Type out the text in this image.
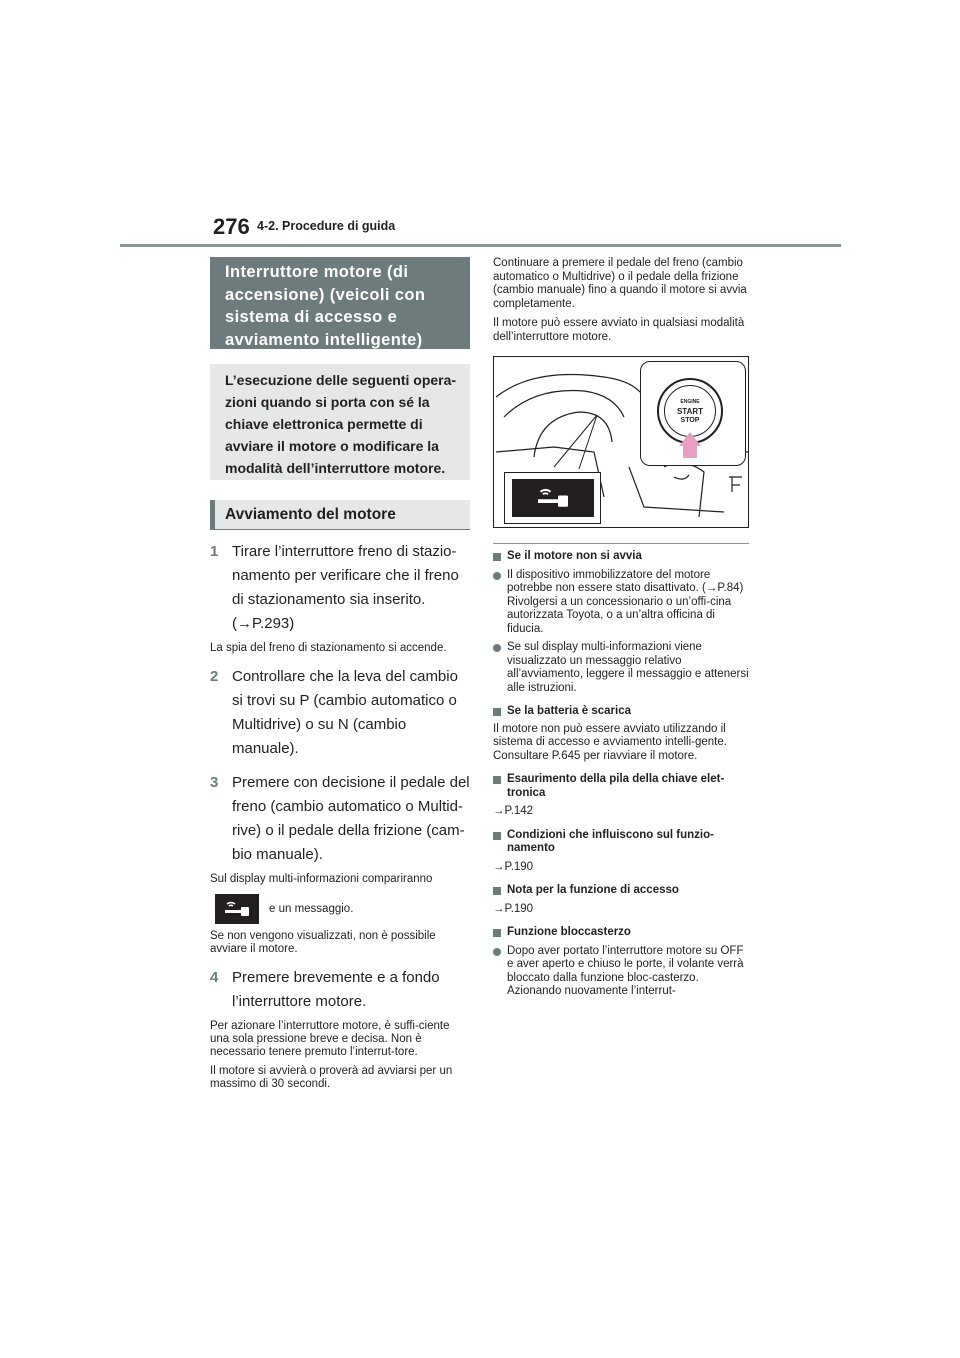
276 4-2. Procedure di guida
Interruttore motore (di accensione) (veicoli con sistema di accesso e avviamento intelligente)
L’esecuzione delle seguenti opera-zioni quando si porta con sé la chiave elettronica permette di avviare il motore o modificare la modalità dell’interruttore motore.
Avviamento del motore
1 Tirare l’interruttore freno di stazio-namento per verificare che il freno di stazionamento sia inserito. (→P.293)
La spia del freno di stazionamento si accende.
2 Controllare che la leva del cambio si trovi su P (cambio automatico o Multidrive) o su N (cambio manuale).
3 Premere con decisione il pedale del freno (cambio automatico o Multid-rive) o il pedale della frizione (cam-bio manuale).
Sul display multi-informazioni compariranno
e un messaggio.
Se non vengono visualizzati, non è possibile avviare il motore.
4 Premere brevemente e a fondo l’interruttore motore.
Per azionare l’interruttore motore, è suffi-ciente una sola pressione breve e decisa. Non è necessario tenere premuto l’interrut-tore.
Il motore si avvierà o proverà ad avviarsi per un massimo di 30 secondi.

Continuare a premere il pedale del freno (cambio automatico o Multidrive) o il pedale della frizione (cambio manuale) fino a quando il motore si avvia completamente.

Il motore può essere avviato in qualsiasi modalità dell’interruttore motore.

ENGINE
START
STOP
Se il motore non si avvia
Il dispositivo immobilizzatore del motore potrebbe non essere stato disattivato. (→P.84) Rivolgersi a un concessionario o un’offi-cina autorizzata Toyota, o a un’altra officina di fiducia.
Se sul display multi-informazioni viene visualizzato un messaggio relativo all’avviamento, leggere il messaggio e attenersi alle istruzioni.
Se la batteria è scarica
Il motore non può essere avviato utilizzando il sistema di accesso e avviamento intelli-gente. Consultare P.645 per riavviare il motore.
Esaurimento della pila della chiave elet-tronica
→P.142
Condizioni che influiscono sul funzio-namento
→P.190
Nota per la funzione di accesso
→P.190
Funzione bloccasterzo
Dopo aver portato l’interruttore motore su OFF e aver aperto e chiuso le porte, il volante verrà bloccato dalla funzione bloc-casterzo. Azionando nuovamente l’interrut-
